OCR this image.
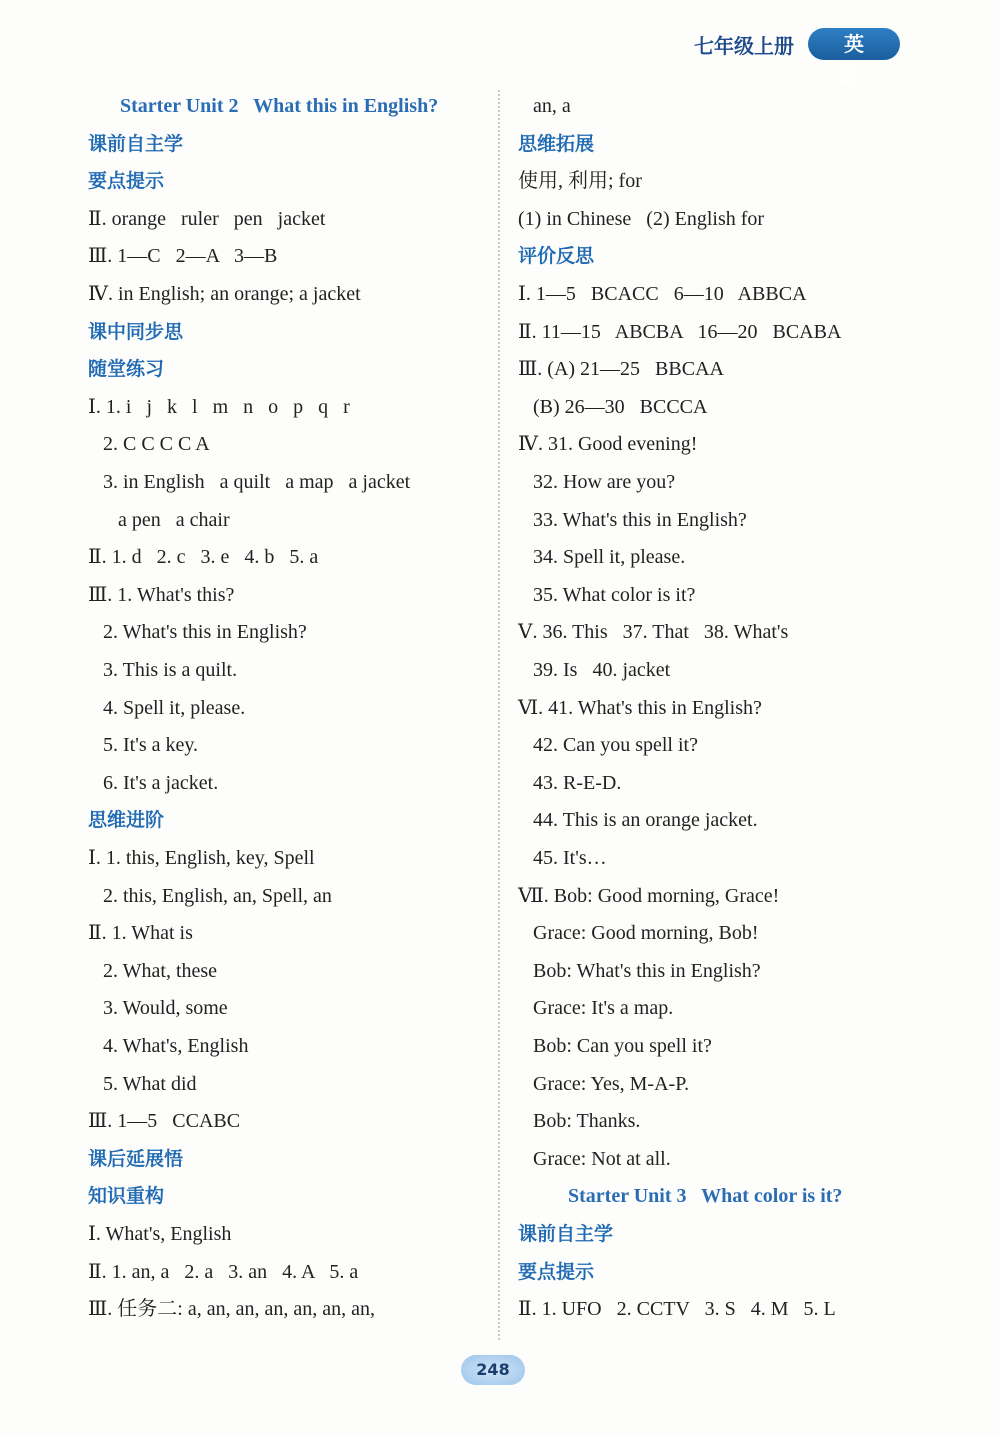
七年级上册	英 语
Starter Unit 2   What this in English?
课前自主学
要点提示
Ⅱ. orange   ruler   pen   jacket
Ⅲ. 1—C   2—A   3—B
Ⅳ. in English; an orange; a jacket
课中同步思
随堂练习
Ⅰ. 1. i   j   k   l   m   n   o   p   q   r
2. C C C C A
3. in English   a quilt   a map   a jacket
a pen   a chair
Ⅱ. 1. d   2. c   3. e   4. b   5. a
Ⅲ. 1. What's this?
2. What's this in English?
3. This is a quilt.
4. Spell it, please.
5. It's a key.
6. It's a jacket.
思维进阶
Ⅰ. 1. this, English, key, Spell
2. this, English, an, Spell, an
Ⅱ. 1. What is
2. What, these
3. Would, some
4. What's, English
5. What did
Ⅲ. 1—5   CCABC
课后延展悟
知识重构
Ⅰ. What's, English
Ⅱ. 1. an, a   2. a   3. an   4. A   5. a
Ⅲ. 任务二: a, an, an, an, an, an, an,
an, a
思维拓展
使用, 利用; for
(1) in Chinese   (2) English for
评价反思
Ⅰ. 1—5   BCACC   6—10   ABBCA
Ⅱ. 11—15   ABCBA   16—20   BCABA
Ⅲ. (A) 21—25   BBCAA
(B) 26—30   BCCCA
Ⅳ. 31. Good evening!
32. How are you?
33. What's this in English?
34. Spell it, please.
35. What color is it?
Ⅴ. 36. This   37. That   38. What's
39. Is   40. jacket
Ⅵ. 41. What's this in English?
42. Can you spell it?
43. R-E-D.
44. This is an orange jacket.
45. It's…
Ⅶ. Bob: Good morning, Grace!
Grace: Good morning, Bob!
Bob: What's this in English?
Grace: It's a map.
Bob: Can you spell it?
Grace: Yes, M-A-P.
Bob: Thanks.
Grace: Not at all.
Starter Unit 3   What color is it?
课前自主学
要点提示
Ⅱ. 1. UFO   2. CCTV   3. S   4. M   5. L
248
